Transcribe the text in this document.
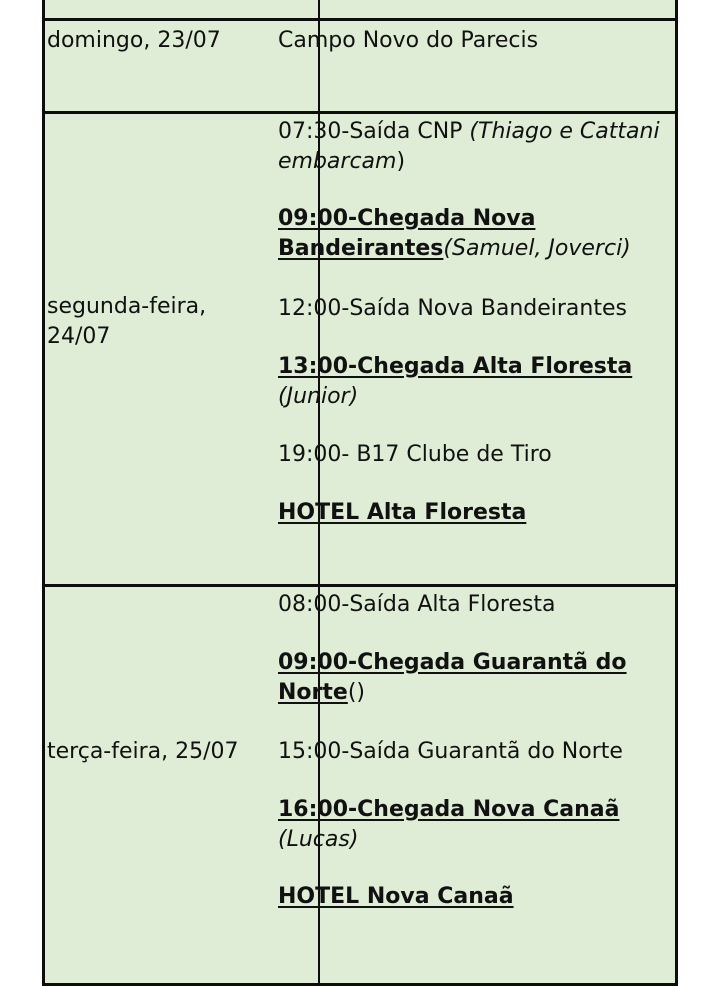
domingo, 23/07	Campo Novo do Parecis
segunda-feira,
24/07
07:30-Saída CNP (Thiago e Cattani
embarcam)
09:00-Chegada Nova
Bandeirantes(Samuel, Joverci)
12:00-Saída Nova Bandeirantes
13:00-Chegada Alta Floresta
(Junior)
19:00- B17 Clube de Tiro
HOTEL Alta Floresta
terça-feira, 25/07
08:00-Saída Alta Floresta
09:00-Chegada Guarantã do
Norte()
15:00-Saída Guarantã do Norte
16:00-Chegada Nova Canaã
(Lucas)
HOTEL Nova Canaã
